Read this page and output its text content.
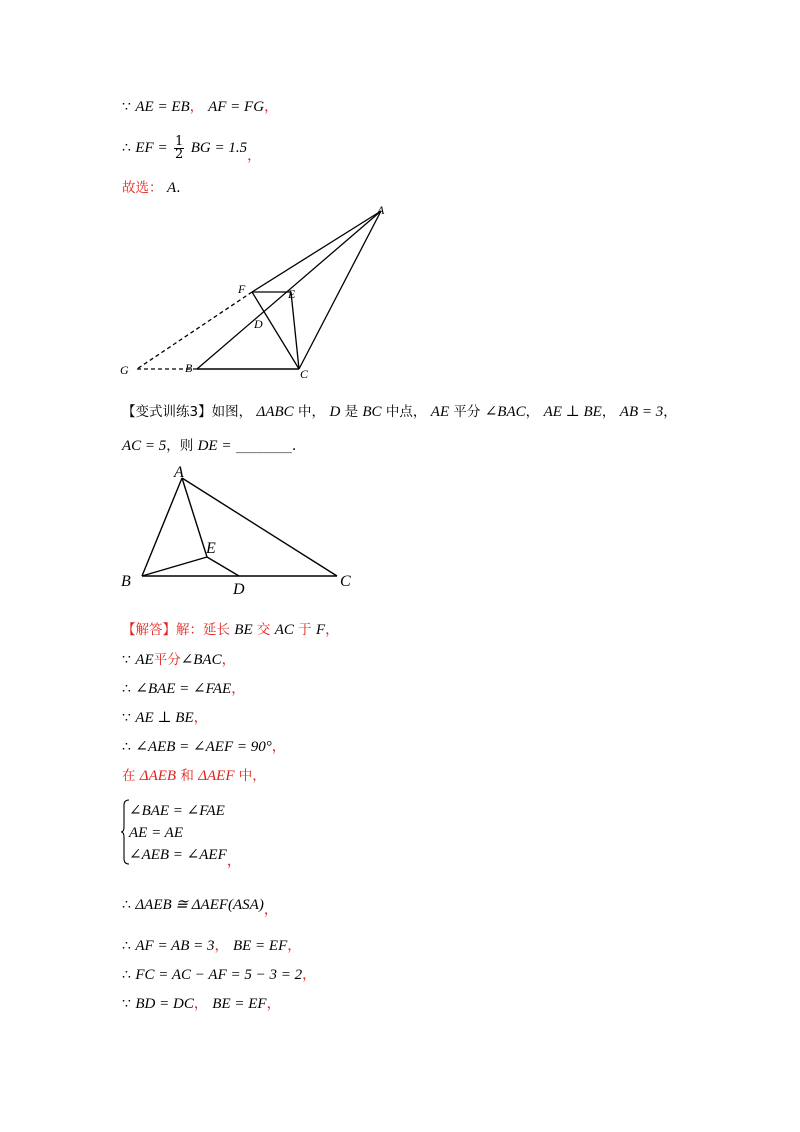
∵ AE = EB， AF = FG，
∴ EF = $\frac{1}{2}$ BG = 1.5，
故选： A.
A
F	E
D
G	B	C
【变式训练3】如图， ΔABC 中， D 是 BC 中点， AE 平分 ∠BAC， AE ⊥ BE， AB = 3，
AC = 5，则 DE = ________.
A
E
B	D	C
【解答】解：延长 BE 交 AC 于 F，
∵ AE平分∠BAC，
∴ ∠BAE = ∠FAE，
∵ AE ⊥ BE，
∴ ∠AEB = ∠AEF = 90°，
在 ΔAEB 和 ΔAEF 中，
∠BAE = ∠FAE
AE = AE
∠AEB = ∠AEF，
∴ ΔAEB ≅ ΔAEF(ASA)，
∴ AF = AB = 3， BE = EF，
∴ FC = AC − AF = 5 − 3 = 2，
∵ BD = DC， BE = EF，
